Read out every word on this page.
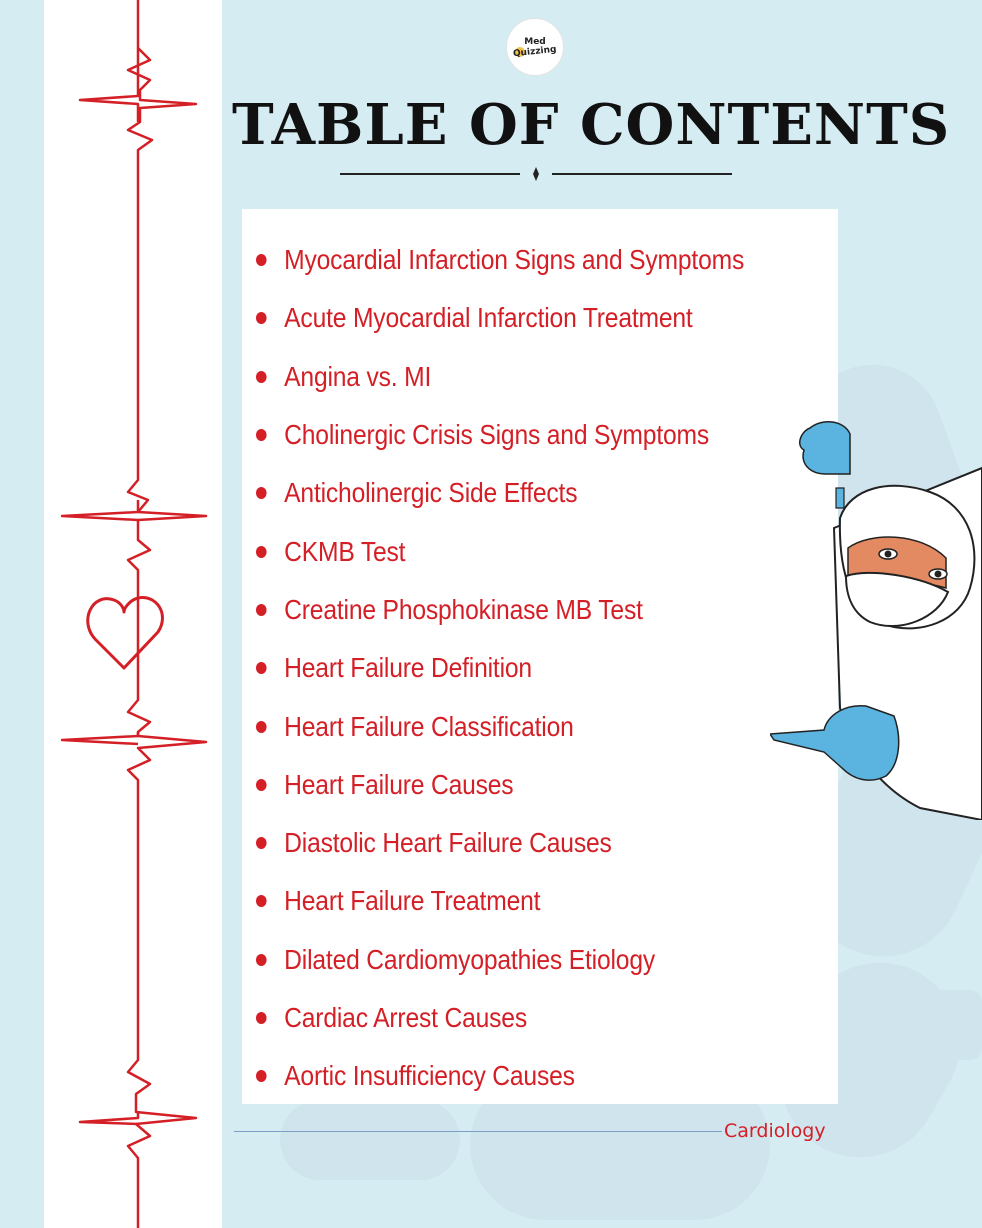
Med
Quizzing
TABLE OF CONTENTS
Myocardial Infarction Signs and Symptoms
Acute Myocardial Infarction Treatment
Angina vs. MI
Cholinergic Crisis Signs and Symptoms
Anticholinergic Side Effects
CKMB Test
Creatine Phosphokinase MB Test
Heart Failure Definition
Heart Failure Classification
Heart Failure Causes
Diastolic Heart Failure Causes
Heart Failure Treatment
Dilated Cardiomyopathies Etiology
Cardiac Arrest Causes
Aortic Insufficiency Causes
Cardiology
